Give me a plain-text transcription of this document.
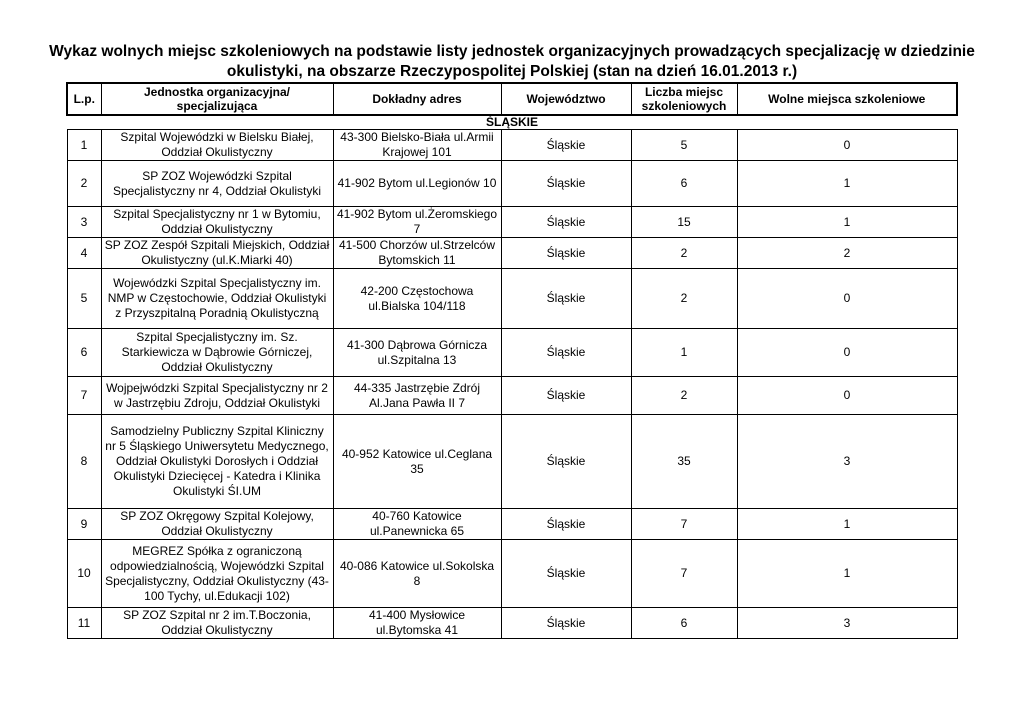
Wykaz wolnych miejsc szkoleniowych na podstawie listy jednostek organizacyjnych prowadzących specjalizację w dziedzinie
okulistyki, na obszarze Rzeczypospolitej Polskiej (stan na dzień 16.01.2013 r.)
L.p.	Jednostka organizacyjna/ specjalizująca	Dokładny adres	Województwo	Liczba miejsc szkoleniowych	Wolne miejsca szkoleniowe
ŚLĄSKIE					
1	Szpital Wojewódzki w Bielsku Białej, Oddział Okulistyczny	43-300 Bielsko-Biała ul.Armii Krajowej 101	Śląskie	5	0
2	SP ZOZ Wojewódzki Szpital Specjalistyczny nr 4, Oddział Okulistyki	41-902 Bytom ul.Legionów 10	Śląskie	6	1
3	Szpital Specjalistyczny nr 1 w Bytomiu, Oddział Okulistyczny	41-902 Bytom ul.Żeromskiego 7	Śląskie	15	1
4	SP ZOZ Zespół Szpitali Miejskich, Oddział Okulistyczny (ul.K.Miarki 40)	41-500 Chorzów ul.Strzelców Bytomskich 11	Śląskie	2	2
5	Wojewódzki Szpital Specjalistyczny im. NMP w Częstochowie, Oddział Okulistyki z Przyszpitalną Poradnią Okulistyczną	42-200 Częstochowa ul.Bialska 104/118	Śląskie	2	0
6	Szpital Specjalistyczny im. Sz. Starkiewicza w Dąbrowie Górniczej, Oddział Okulistyczny	41-300 Dąbrowa Górnicza ul.Szpitalna 13	Śląskie	1	0
7	Wojpejwódzki Szpital Specjalistyczny nr 2 w Jastrzębiu Zdroju, Oddział Okulistyki	44-335 Jastrzębie Zdrój Al.Jana Pawła II 7	Śląskie	2	0
8	Samodzielny Publiczny Szpital Kliniczny nr 5 Śląskiego Uniwersytetu Medycznego, Oddział Okulistyki Dorosłych i Oddział Okulistyki Dziecięcej - Katedra i Klinika Okulistyki ŚI.UM	40-952 Katowice ul.Ceglana 35	Śląskie	35	3
9	SP ZOZ Okręgowy Szpital Kolejowy, Oddział Okulistyczny	40-760 Katowice ul.Panewnicka 65	Śląskie	7	1
10	MEGREZ Spółka z ograniczoną odpowiedzialnością, Wojewódzki Szpital Specjalistyczny, Oddział Okulistyczny (43-100 Tychy, ul.Edukacji 102)	40-086 Katowice ul.Sokolska 8	Śląskie	7	1
11	SP ZOZ Szpital nr 2 im.T.Boczonia, Oddział Okulistyczny	41-400 Mysłowice ul.Bytomska 41	Śląskie	6	3
